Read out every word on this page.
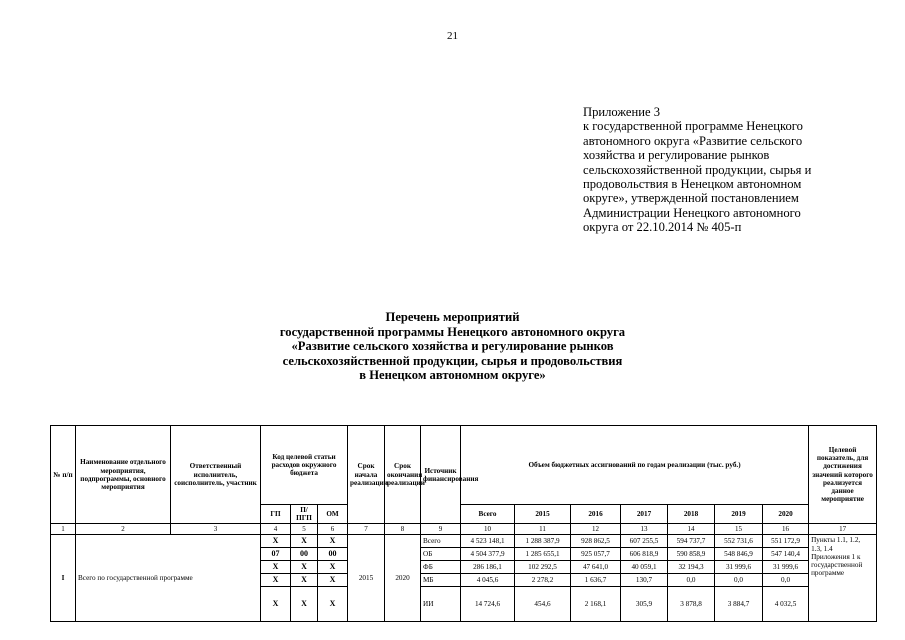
21
Приложение 3
к государственной программе Ненецкого
автономного округа «Развитие сельского
хозяйства и регулирование рынков
сельскохозяйственной продукции, сырья и
продовольствия в Ненецком автономном
округе», утвержденной постановлением
Администрации Ненецкого автономного
округа от 22.10.2014 № 405-п
Перечень мероприятий
государственной программы Ненецкого автономного округа
«Развитие сельского хозяйства и регулирование рынков
сельскохозяйственной продукции, сырья и продовольствия
в Ненецком автономном округе»
№ п/п	Наименование отдельного мероприятия, подпрограммы, основного мероприятия	Ответственный исполнитель, соисполнитель, участник	Код целевой статьи расходов окружного бюджета			Срок начала реализации	Срок окончания реализации	Источник финансирования	Объем бюджетных ассигнований по годам реализации (тыс. руб.)							Целевой показатель, для достижения значений которого реализуется данное мероприятие
			ГП	П/ПГП	ОМ				Всего	2015	2016	2017	2018	2019	2020	
1	2	3	4	5	6	7	8	9	10	11	12	13	14	15	16	17
I	Всего по государственной программе		Х	Х	Х	2015	2020	Всего	4 523 148,1	1 288 387,9	928 862,5	607 255,5	594 737,7	552 731,6	551 172,9	Пункты 1.1, 1.2,
1.3, 1.4
Приложения 1 к
государственной
программе

			07	00	00			ОБ	4 504 377,9	1 285 655,1	925 057,7	606 818,9	590 858,9	548 846,9	547 140,4	
			Х	Х	Х			ФБ	286 186,1	102 292,5	47 641,0	40 059,1	32 194,3	31 999,6	31 999,6	
			Х	Х	Х			МБ	4 045,6	2 278,2	1 636,7	130,7	0,0	0,0	0,0	
			Х	Х	Х			ИИ	14 724,6	454,6	2 168,1	305,9	3 878,8	3 884,7	4 032,5	
